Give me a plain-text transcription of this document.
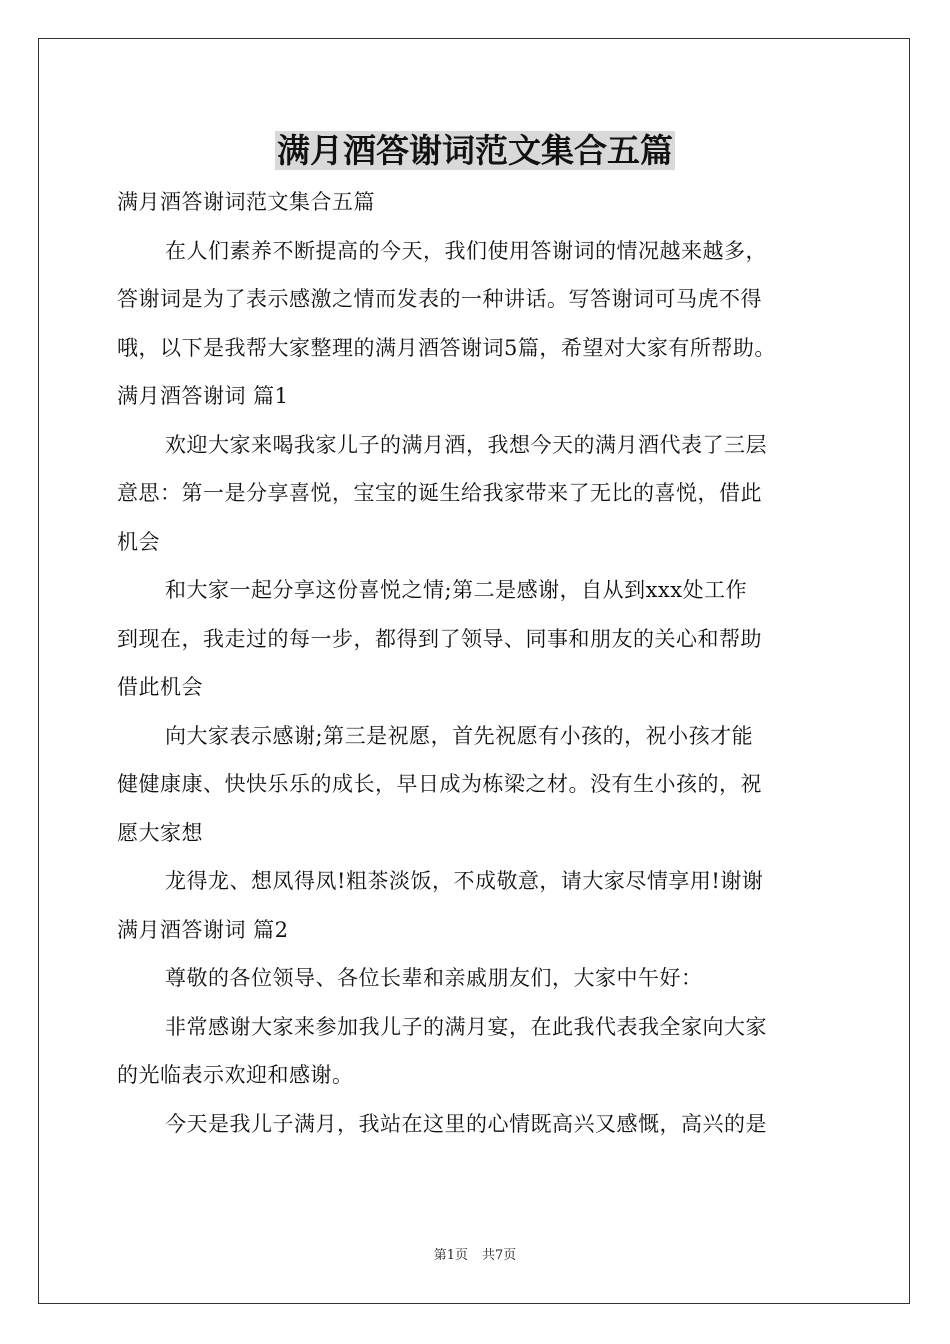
满月酒答谢词范文集合五篇
满月酒答谢词范文集合五篇
在人们素养不断提高的今天，我们使用答谢词的情况越来越多，
答谢词是为了表示感激之情而发表的一种讲话。写答谢词可马虎不得
哦，以下是我帮大家整理的满月酒答谢词5篇，希望对大家有所帮助。
满月酒答谢词 篇1
欢迎大家来喝我家儿子的满月酒，我想今天的满月酒代表了三层
意思：第一是分享喜悦，宝宝的诞生给我家带来了无比的喜悦，借此
机会
和大家一起分享这份喜悦之情;第二是感谢，自从到xxx处工作
到现在，我走过的每一步，都得到了领导、同事和朋友的关心和帮助
借此机会
向大家表示感谢;第三是祝愿，首先祝愿有小孩的，祝小孩才能
健健康康、快快乐乐的成长，早日成为栋梁之材。没有生小孩的，祝
愿大家想
龙得龙、想凤得凤!粗茶淡饭，不成敬意，请大家尽情享用!谢谢
满月酒答谢词 篇2
尊敬的各位领导、各位长辈和亲戚朋友们，大家中午好：
非常感谢大家来参加我儿子的满月宴，在此我代表我全家向大家
的光临表示欢迎和感谢。
今天是我儿子满月，我站在这里的心情既高兴又感慨，高兴的是
第1页 共7页
